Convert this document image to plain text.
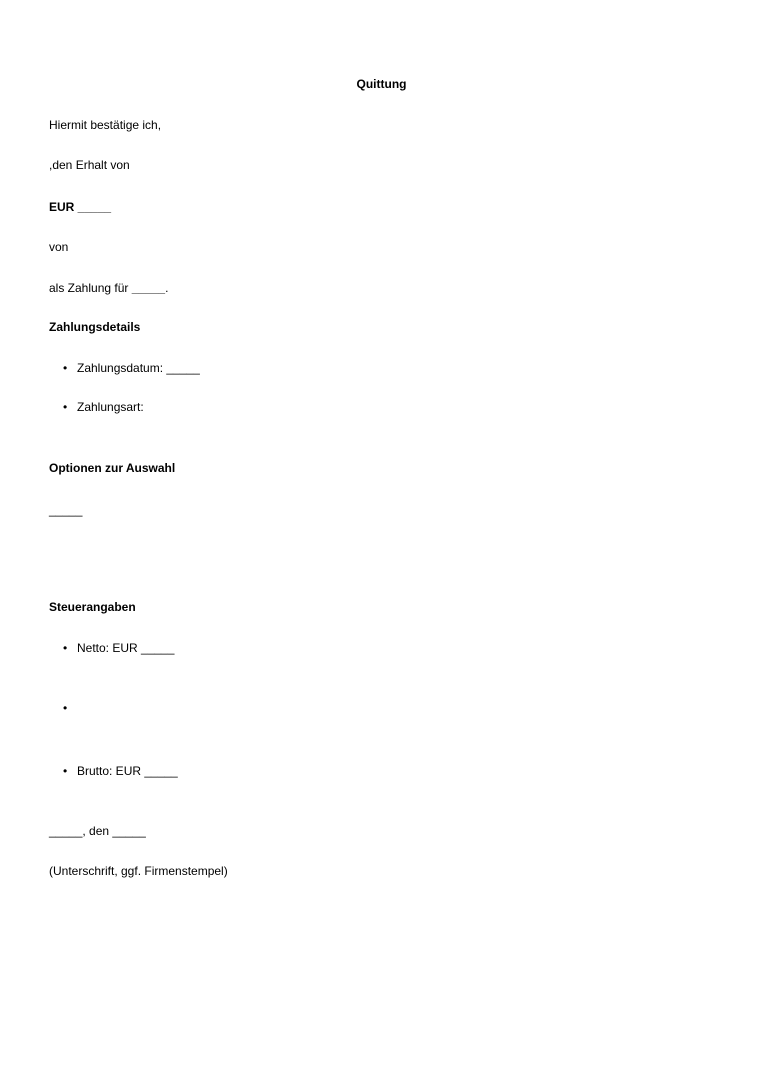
Quittung
Hiermit bestätige ich,
,den Erhalt von
EUR _____
von
als Zahlung für _____.
Zahlungsdetails
• Zahlungsdatum: _____
• Zahlungsart:
Optionen zur Auswahl
_____
Steuerangaben
• Netto: EUR _____
•
• Brutto: EUR _____
_____, den _____
(Unterschrift, ggf. Firmenstempel)
